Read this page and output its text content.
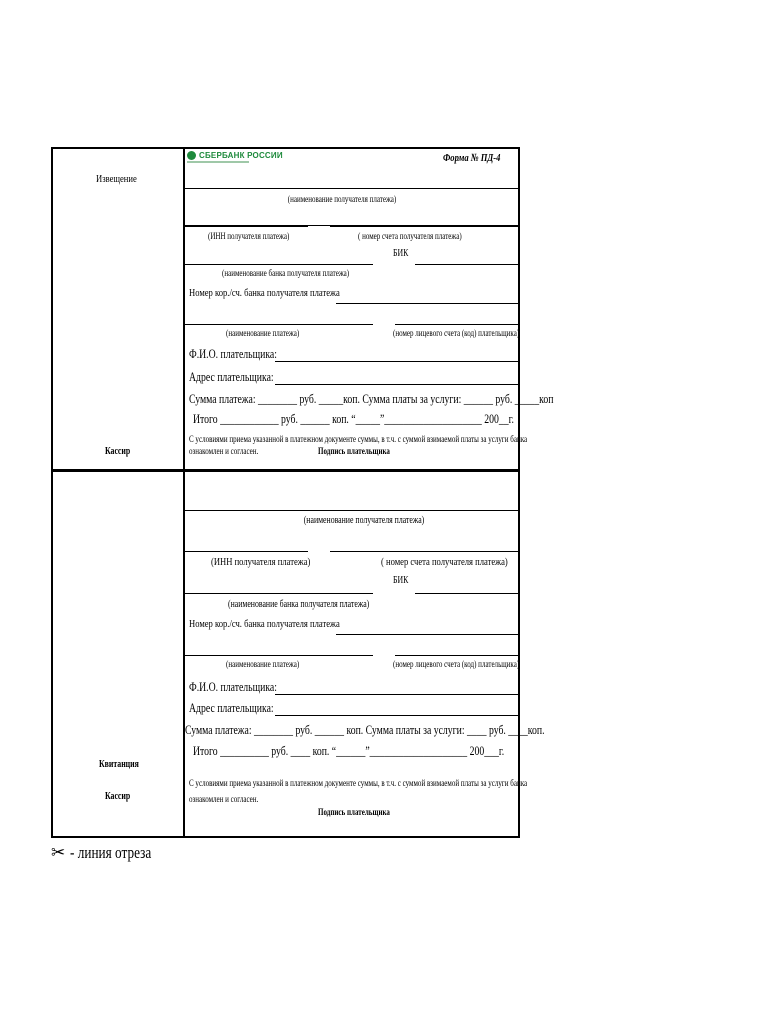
СБЕРБАНК РОССИИ	Форма № ПД-4
Извещение
Кассир
(наименование получателя платежа)
(ИНН получателя платежа)	( номер счета получателя платежа)
БИК
(наименование банка получателя платежа)
Номер кор./сч. банка получателя платежа
(наименование платежа)	(номер лицевого счета (код) плательщика)
Ф.И.О. плательщика:
Адрес плательщика:
Сумма платежа: ________ руб. _____коп. Сумма платы за услуги: ______ руб. _____коп
Итого ____________ руб. ______ коп. “_____”____________________ 200__г.
С условиями приема указанной в платежном документе суммы, в т.ч. с суммой взимаемой платы за услуги банка
ознакомлен и согласен.	Подпись плательщика
(наименование получателя платежа)
(ИНН получателя платежа)	( номер счета получателя платежа)
БИК
(наименование банка получателя платежа)
Номер кор./сч. банка получателя платежа
(наименование платежа)	(номер лицевого счета (код) плательщика)
Ф.И.О. плательщика:
Адрес плательщика:
Сумма платежа: ________ руб. ______ коп. Сумма платы за услуги: ____ руб. ____коп.
Итого __________ руб. ____ коп. “______”____________________ 200___г.
Квитанция
Кассир
С условиями приема указанной в платежном документе суммы, в т.ч. с суммой взимаемой платы за услуги банка
ознакомлен и согласен.
Подпись плательщика
✂ - линия отреза
